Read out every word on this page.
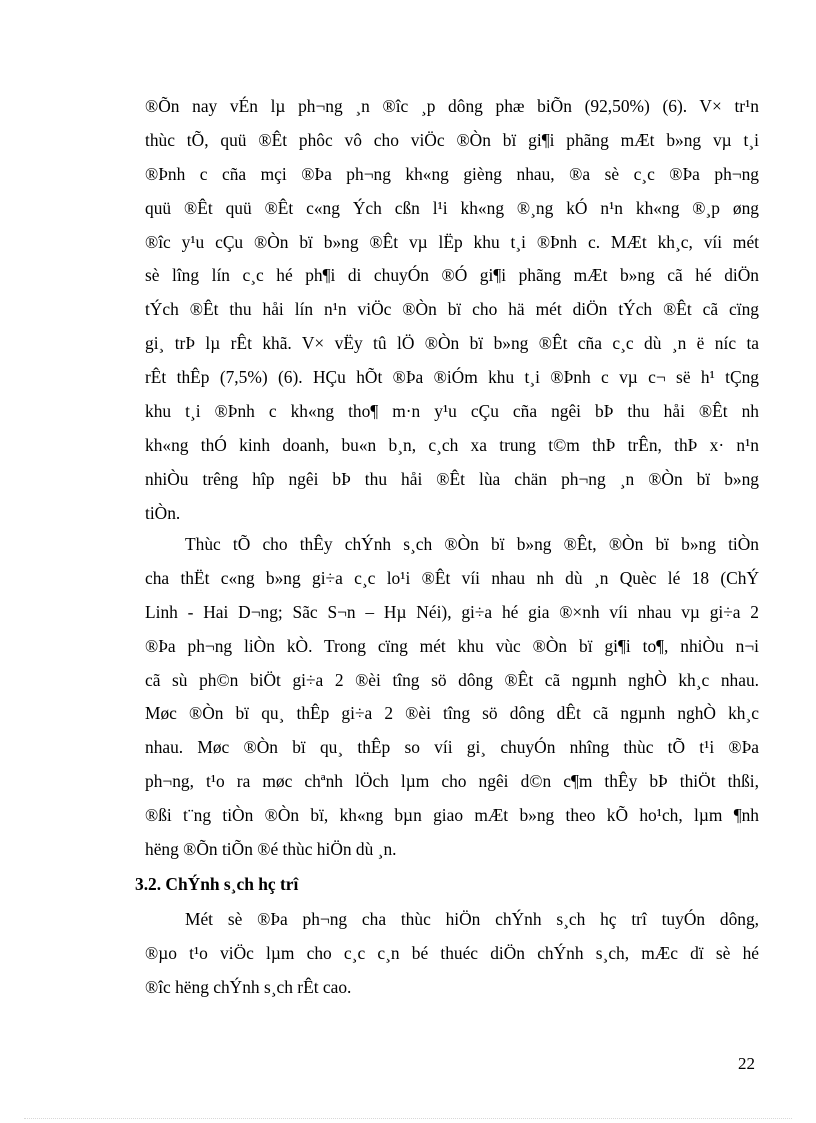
®Õn nay vÉn lµ ph¬ng ¸n ®îc ¸p dông phæ biÕn (92,50%) (6). V× tr¹n
thùc tÕ, quü ®Êt phôc vô cho viÖc ®Òn bï gi¶i phãng mÆt b»ng vµ t¸i
®Þnh c cña mçi ®Þa ph¬ng kh«ng gièng nhau, ®a sè c¸c ®Þa ph¬ng
quü ®Êt quü ®Êt c«ng Ých cßn l¹i kh«ng ®¸ng kÓ n¹n kh«ng ®¸p øng
®îc y¹u cÇu ®Òn bï b»ng ®Êt vµ lËp khu t¸i ®Þnh c. MÆt kh¸c, víi mét
sè lîng lín c¸c hé ph¶i di chuyÓn ®Ó gi¶i phãng mÆt b»ng cã hé diÖn
tÝch ®Êt thu håi lín n¹n viÖc ®Òn bï cho hä mét diÖn tÝch ®Êt cã cïng
gi¸ trÞ lµ rÊt khã. V× vËy tû lÖ ®Òn bï b»ng ®Êt cña c¸c dù ¸n ë níc ta
rÊt thÊp (7,5%) (6). HÇu hÕt ®Þa ®iÓm khu t¸i ®Þnh c vµ c¬ së h¹ tÇng
khu t¸i ®Þnh c kh«ng tho¶ m·n y¹u cÇu cña ngêi bÞ thu håi ®Êt nh
kh«ng thÓ kinh doanh, bu«n b¸n, c¸ch xa trung t©m thÞ trÊn, thÞ x· n¹n
nhiÒu trêng hîp ngêi bÞ thu håi ®Êt lùa chän ph¬ng ¸n ®Òn bï b»ng
tiÒn.
Thùc tÕ cho thÊy chÝnh s¸ch ®Òn bï b»ng ®Êt, ®Òn bï b»ng tiÒn
cha thËt c«ng b»ng gi÷a c¸c lo¹i ®Êt víi nhau nh dù ¸n Quèc lé 18 (ChÝ
Linh - Hai D¬ng; Sãc S¬n – Hµ Néi), gi÷a hé gia ®×nh víi nhau vµ gi÷a 2
®Þa ph¬ng liÒn kÒ. Trong cïng mét khu vùc ®Òn bï gi¶i to¶, nhiÒu n¬i
cã sù ph©n biÖt gi÷a 2 ®èi tîng sö dông ®Êt cã ngµnh nghÒ kh¸c nhau.
Møc ®Òn bï qu¸ thÊp gi÷a 2 ®èi tîng sö dông dÊt cã ngµnh nghÒ kh¸c
nhau. Møc ®Òn bï qu¸ thÊp so víi gi¸ chuyÓn nhîng thùc tÕ t¹i ®Þa
ph¬ng, t¹o ra møc chªnh lÖch lµm cho ngêi d©n c¶m thÊy bÞ thiÖt thßi,
®ßi t¨ng tiÒn ®Òn bï, kh«ng bµn giao mÆt b»ng theo kÕ ho¹ch, lµm ¶nh
hëng ®Õn tiÕn ®é thùc hiÖn dù ¸n.
3.2. ChÝnh s¸ch hç trî
Mét sè ®Þa ph¬ng cha thùc hiÖn chÝnh s¸ch hç trî tuyÓn dông,
®µo t¹o viÖc lµm cho c¸c c¸n bé thuéc diÖn chÝnh s¸ch, mÆc dï sè hé
®îc hëng chÝnh s¸ch rÊt cao.
22
